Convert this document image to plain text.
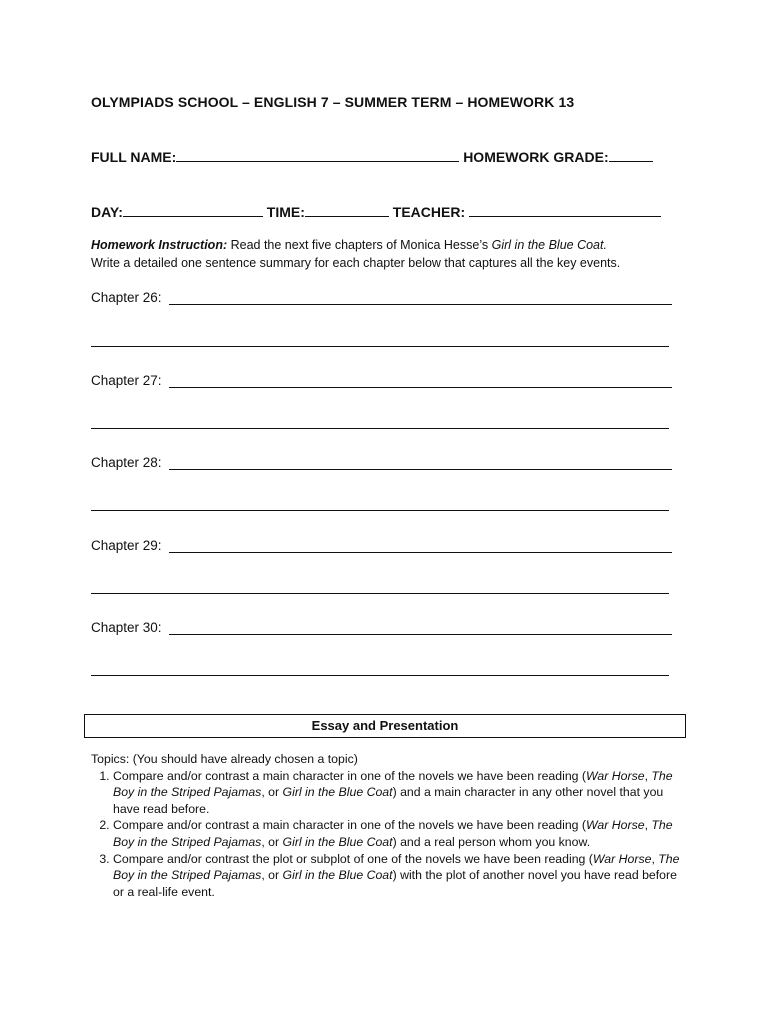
OLYMPIADS SCHOOL – ENGLISH 7 – SUMMER TERM – HOMEWORK 13
FULL NAME:	HOMEWORK GRADE:
DAY:	TIME:	TEACHER:
Homework Instruction: Read the next five chapters of Monica Hesse’s Girl in the Blue Coat.
Write a detailed one sentence summary for each chapter below that captures all the key events.
Chapter 26:
Chapter 27:
Chapter 28:
Chapter 29:
Chapter 30:
Essay and Presentation
Topics: (You should have already chosen a topic)
1. Compare and/or contrast a main character in one of the novels we have been reading (War Horse, The Boy in the Striped Pajamas, or Girl in the Blue Coat) and a main character in any other novel that you have read before.
2. Compare and/or contrast a main character in one of the novels we have been reading (War Horse, The Boy in the Striped Pajamas, or Girl in the Blue Coat) and a real person whom you know.
3. Compare and/or contrast the plot or subplot of one of the novels we have been reading (War Horse, The Boy in the Striped Pajamas, or Girl in the Blue Coat) with the plot of another novel you have read before or a real-life event.
